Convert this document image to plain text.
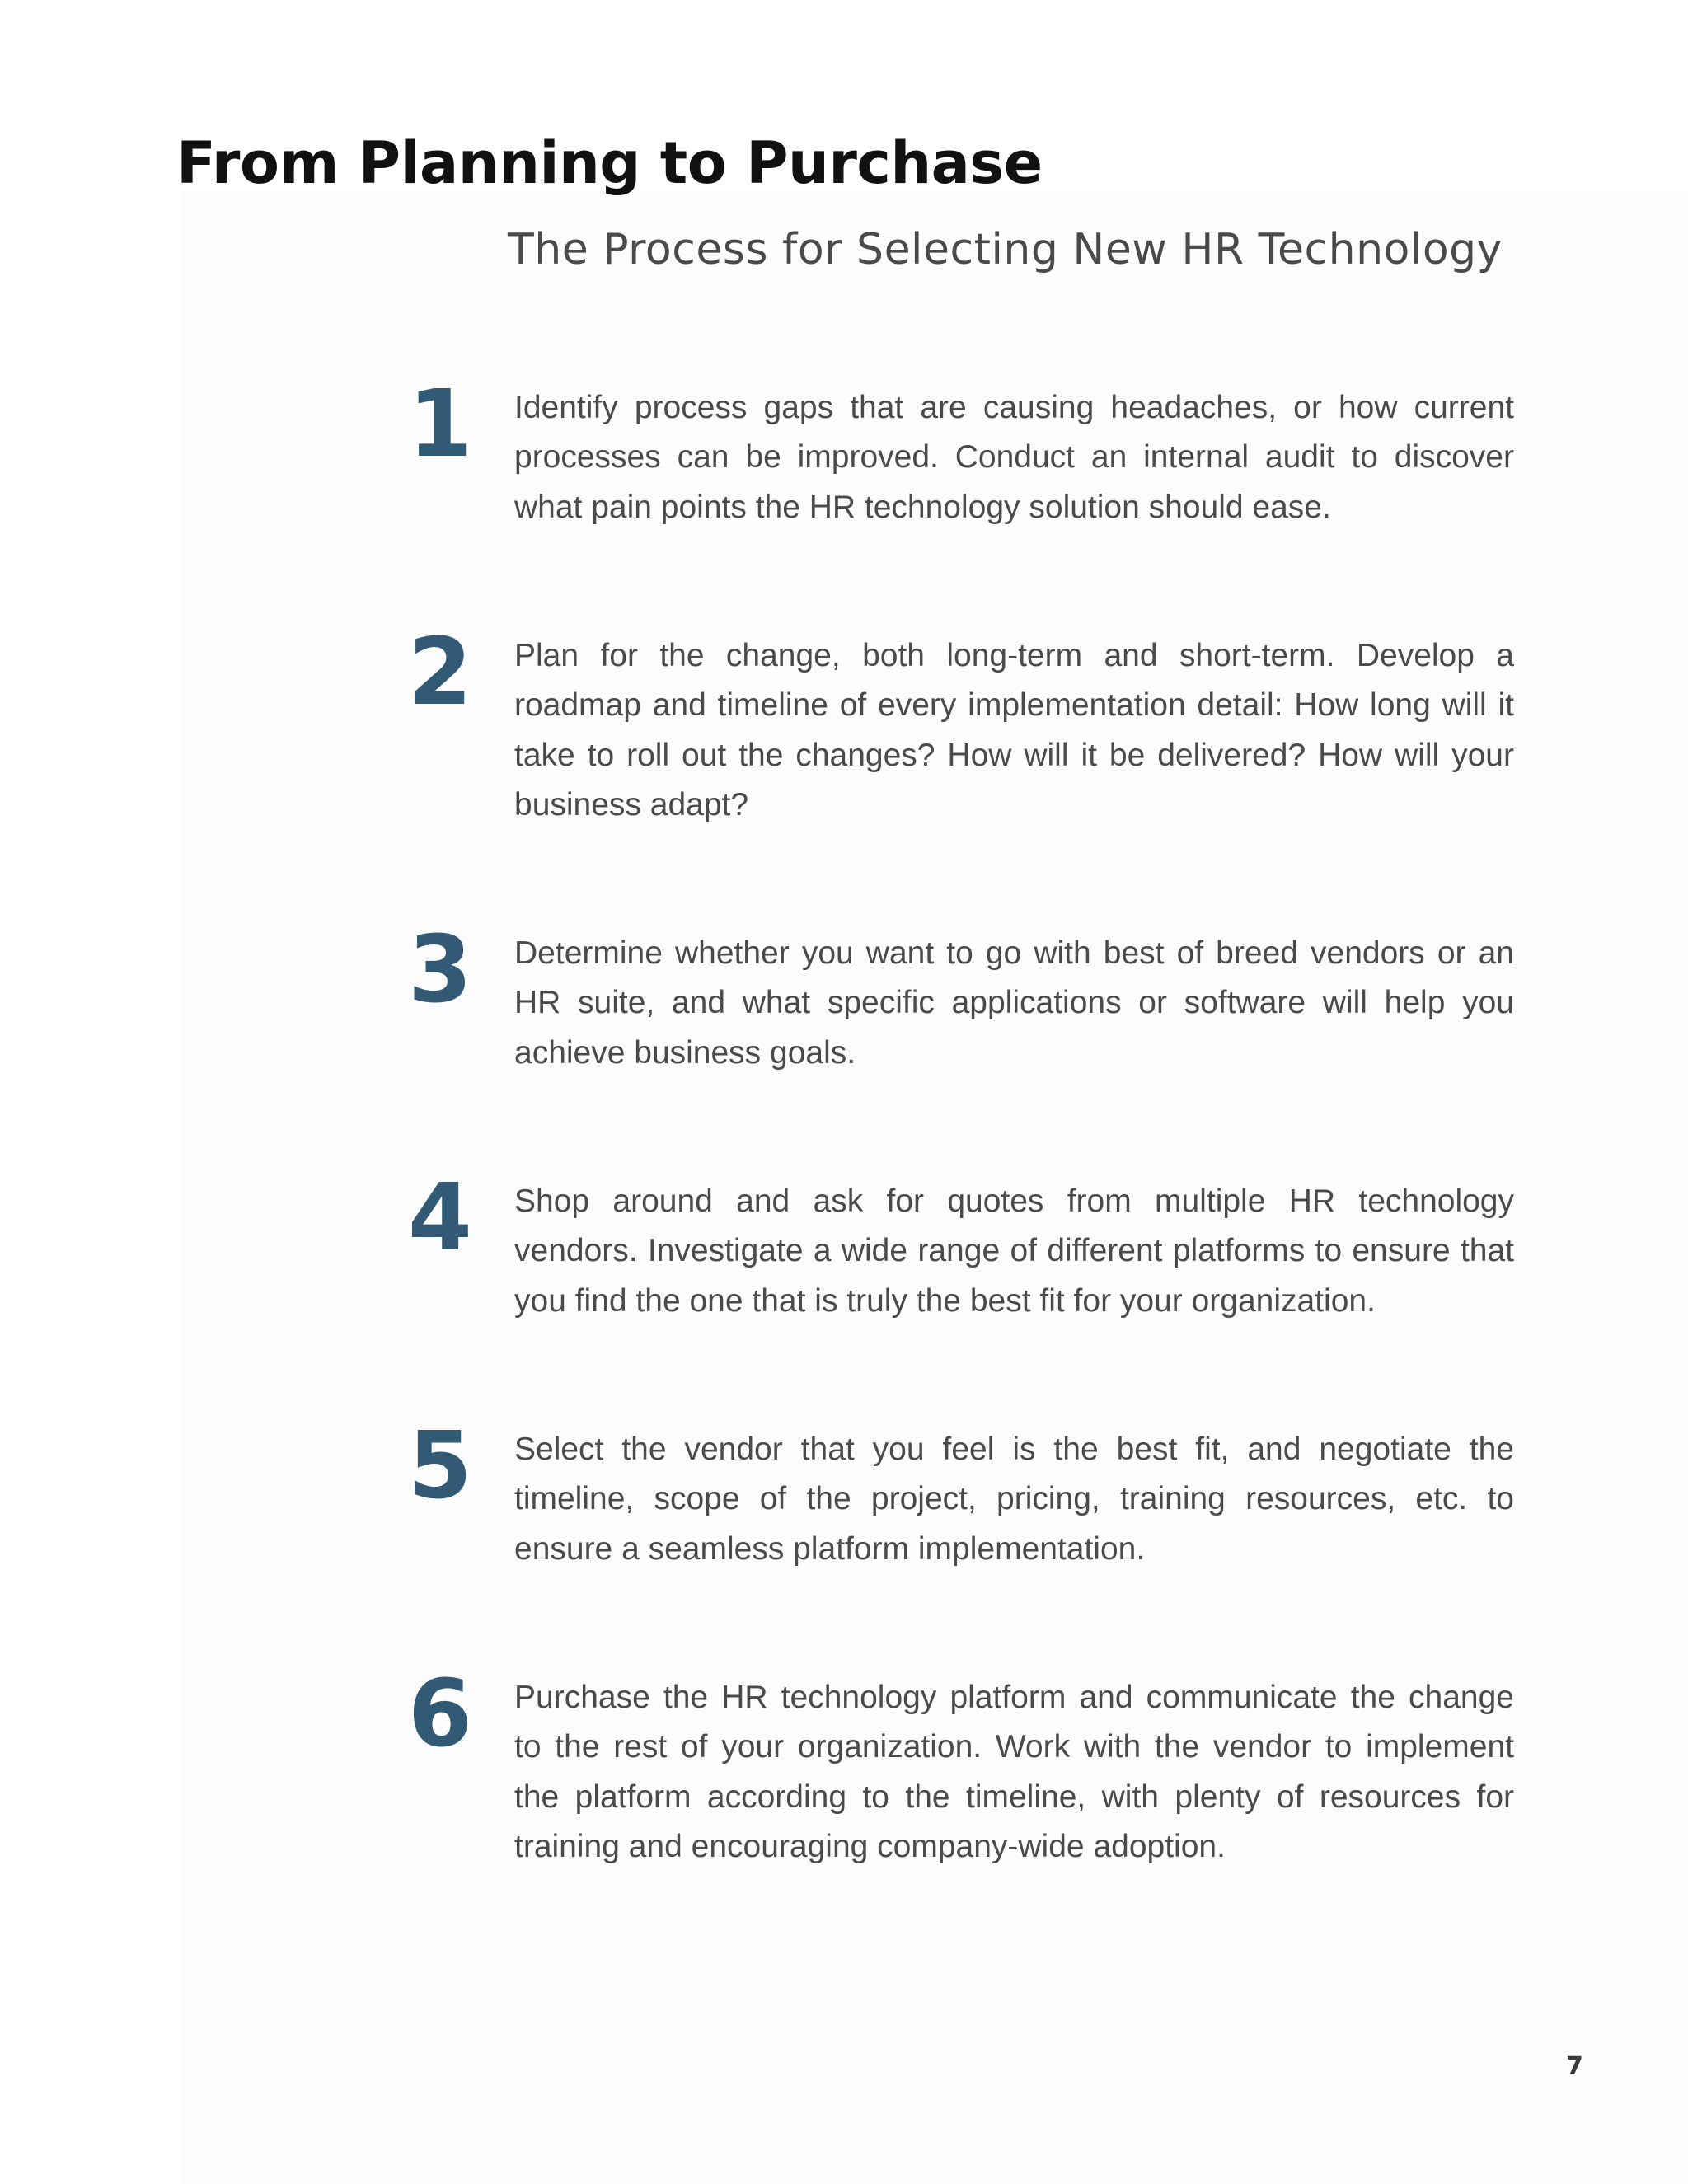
From Planning to Purchase
The Process for Selecting New HR Technology
1	Identify process gaps that are causing headaches, or how current processes can be improved. Conduct an internal audit to discover what pain points the HR technology solution should ease.

2	Plan for the change, both long-term and short-term. Develop a roadmap and timeline of every implementation detail: How long will it take to roll out the changes? How will it be delivered? How will your business adapt?

3	Determine whether you want to go with best of breed vendors or an HR suite, and what specific applications or software will help you achieve business goals.

4	Shop around and ask for quotes from multiple HR technology vendors. Investigate a wide range of different platforms to ensure that you find the one that is truly the best fit for your organization.

5	Select the vendor that you feel is the best fit, and negotiate the timeline, scope of the project, pricing, training resources, etc. to ensure a seamless platform implementation.

6	Purchase the HR technology platform and communicate the change to the rest of your organization. Work with the vendor to implement the platform according to the timeline, with plenty of resources for training and encouraging company-wide adoption.

7
